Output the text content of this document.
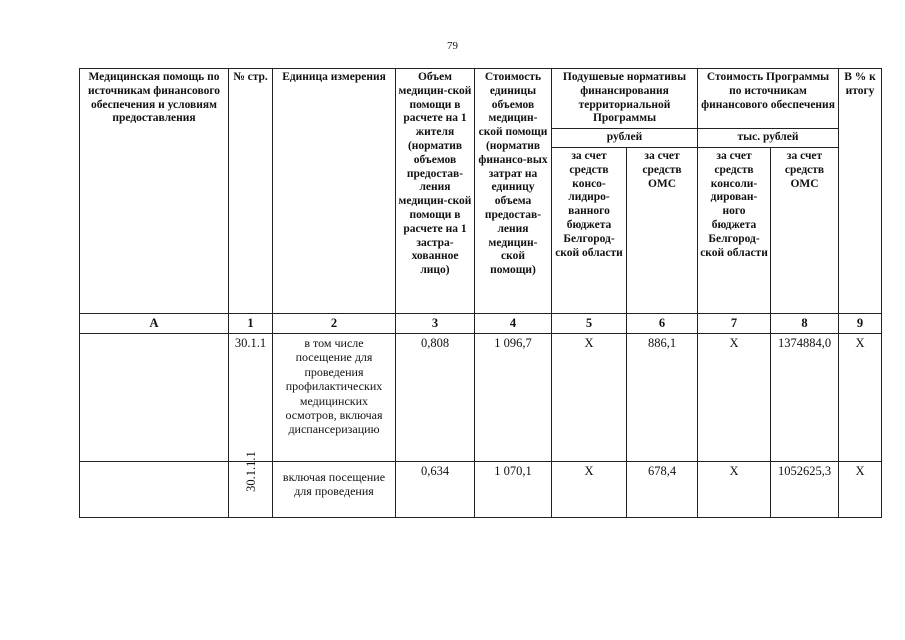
79
Медицинская помощь по источникам финансового обеспечения и условиям предоставления	№ стр.	Единица измерения	Объем медицин-ской помощи в расчете на 1 жителя (норматив объемов предостав-ления медицин-ской помощи в расчете на 1 застра-хованное лицо)	Стоимость единицы объемов медицин-ской помощи (норматив финансо-вых затрат на единицу объема предостав-ления медицин-ской помощи)	Подушевые нормативы финансирования территориальной Программы		Стоимость Программы по источникам финансового обеспечения		В % к итогу
					рублей		тыс. рублей		
					за счет средств консо-лидиро-ванного бюджета Белгород-ской области	за счет средств ОМС	за счет средств консоли-дирован-ного бюджета Белгород-ской области	за счет средств ОМС	
А	1	2	3	4	5	6	7	8	9
	30.1.1	в том числе посещение для проведения профилактических медицинских осмотров, включая диспансеризацию	0,808	1 096,7	Х	886,1	Х	1374884,0	Х
	30.1.1.1	включая посещение для проведения	0,634	1 070,1	Х	678,4	Х	1052625,3	Х
